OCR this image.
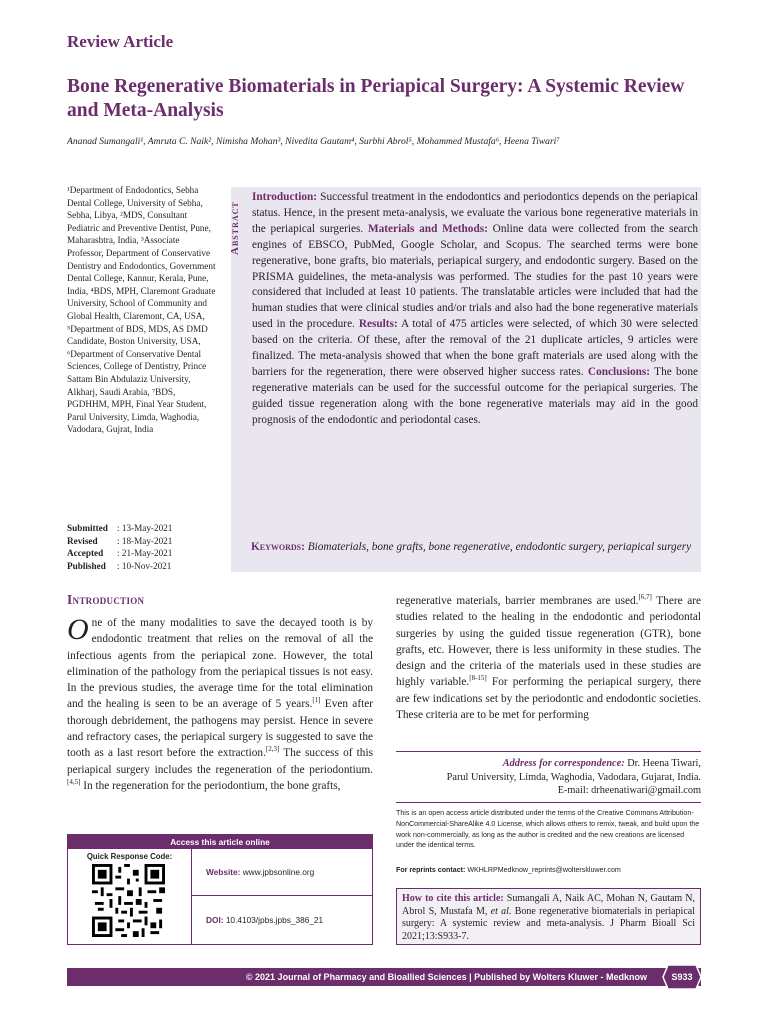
Review Article
Bone Regenerative Biomaterials in Periapical Surgery: A Systemic Review and Meta-Analysis
Ananad Sumangali¹, Amruta C. Naik², Nimisha Mohan³, Nivedita Gautam⁴, Surbhi Abrol⁵, Mohammed Mustafa⁶, Heena Tiwari⁷
¹Department of Endodontics, Sebha Dental College, University of Sebha, Sebha, Libya, ²MDS, Consultant Pediatric and Preventive Dentist, Pune, Maharashtra, India, ³Associate Professor, Department of Conservative Dentistry and Endodontics, Government Dental College, Kannur, Kerala, Pune, India, ⁴BDS, MPH, Claremont Graduate University, School of Community and Global Health, Claremont, CA, USA, ⁵Department of BDS, MDS, AS DMD Candidate, Boston University, USA, ⁶Department of Conservative Dental Sciences, College of Dentistry, Prince Sattam Bin Abdulaziz University, Alkharj, Saudi Arabia, ⁷BDS, PGDHHM, MPH, Final Year Student, Parul University, Limda, Waghodia, Vadodara, Gujrat, India
Submitted : 13-May-2021
Revised : 18-May-2021
Accepted : 21-May-2021
Published : 10-Nov-2021
Abstract
Introduction: Successful treatment in the endodontics and periodontics depends on the periapical status. Hence, in the present meta-analysis, we evaluate the various bone regenerative materials in the periapical surgeries. Materials and Methods: Online data were collected from the search engines of EBSCO, PubMed, Google Scholar, and Scopus. The searched terms were bone regenerative, bone grafts, bio materials, periapical surgery, and endodontic surgery. Based on the PRISMA guidelines, the meta-analysis was performed. The studies for the past 10 years were considered that included at least 10 patients. The translatable articles were included that had the human studies that were clinical studies and/or trials and also had the bone regenerative materials used in the procedure. Results: A total of 475 articles were selected, of which 30 were selected based on the criteria. Of these, after the removal of the 21 duplicate articles, 9 articles were finalized. The meta-analysis showed that when the bone graft materials are used along with the barriers for the regeneration, there were observed higher success rates. Conclusions: The bone regenerative materials can be used for the successful outcome for the periapical surgeries. The guided tissue regeneration along with the bone regenerative materials may aid in the good prognosis of the endodontic and periodontal cases.
Keywords: Biomaterials, bone grafts, bone regenerative, endodontic surgery, periapical surgery
Introduction
One of the many modalities to save the decayed tooth is by endodontic treatment that relies on the removal of all the infectious agents from the periapical zone. However, the total elimination of the pathology from the periapical tissues is not easy. In the previous studies, the average time for the total elimination and the healing is seen to be an average of 5 years.[1] Even after thorough debridement, the pathogens may persist. Hence in severe and refractory cases, the periapical surgery is suggested to save the tooth as a last resort before the extraction.[2,3] The success of this periapical surgery includes the regeneration of the periodontium.[4,5] In the regeneration for the periodontium, the bone grafts,
regenerative materials, barrier membranes are used.[6,7] There are studies related to the healing in the endodontic and periodontal surgeries by using the guided tissue regeneration (GTR), bone grafts, etc. However, there is less uniformity in these studies. The design and the criteria of the materials used in these studies are highly variable.[8-15] For performing the periapical surgery, there are few indications set by the periodontic and endodontic societies. These criteria are to be met for performing
Address for correspondence: Dr. Heena Tiwari,
Parul University, Limda, Waghodia, Vadodara, Gujarat, India.
E-mail: drheenatiwari@gmail.com
This is an open access article distributed under the terms of the Creative Commons Attribution-NonCommercial-ShareAlike 4.0 License, which allows others to remix, tweak, and build upon the work non-commercially, as long as the author is credited and the new creations are licensed under the identical terms.
For reprints contact: WKHLRPMedknow_reprints@wolterskluwer.com
How to cite this article: Sumangali A, Naik AC, Mohan N, Gautam N, Abrol S, Mustafa M, et al. Bone regenerative biomaterials in periapical surgery: A systemic review and meta-analysis. J Pharm Bioall Sci 2021;13:S933-7.
Access this article online
Quick Response Code:
Website: www.jpbsonline.org
DOI: 10.4103/jpbs.jpbs_386_21
© 2021 Journal of Pharmacy and Bioallied Sciences | Published by Wolters Kluwer - Medknow	S933
